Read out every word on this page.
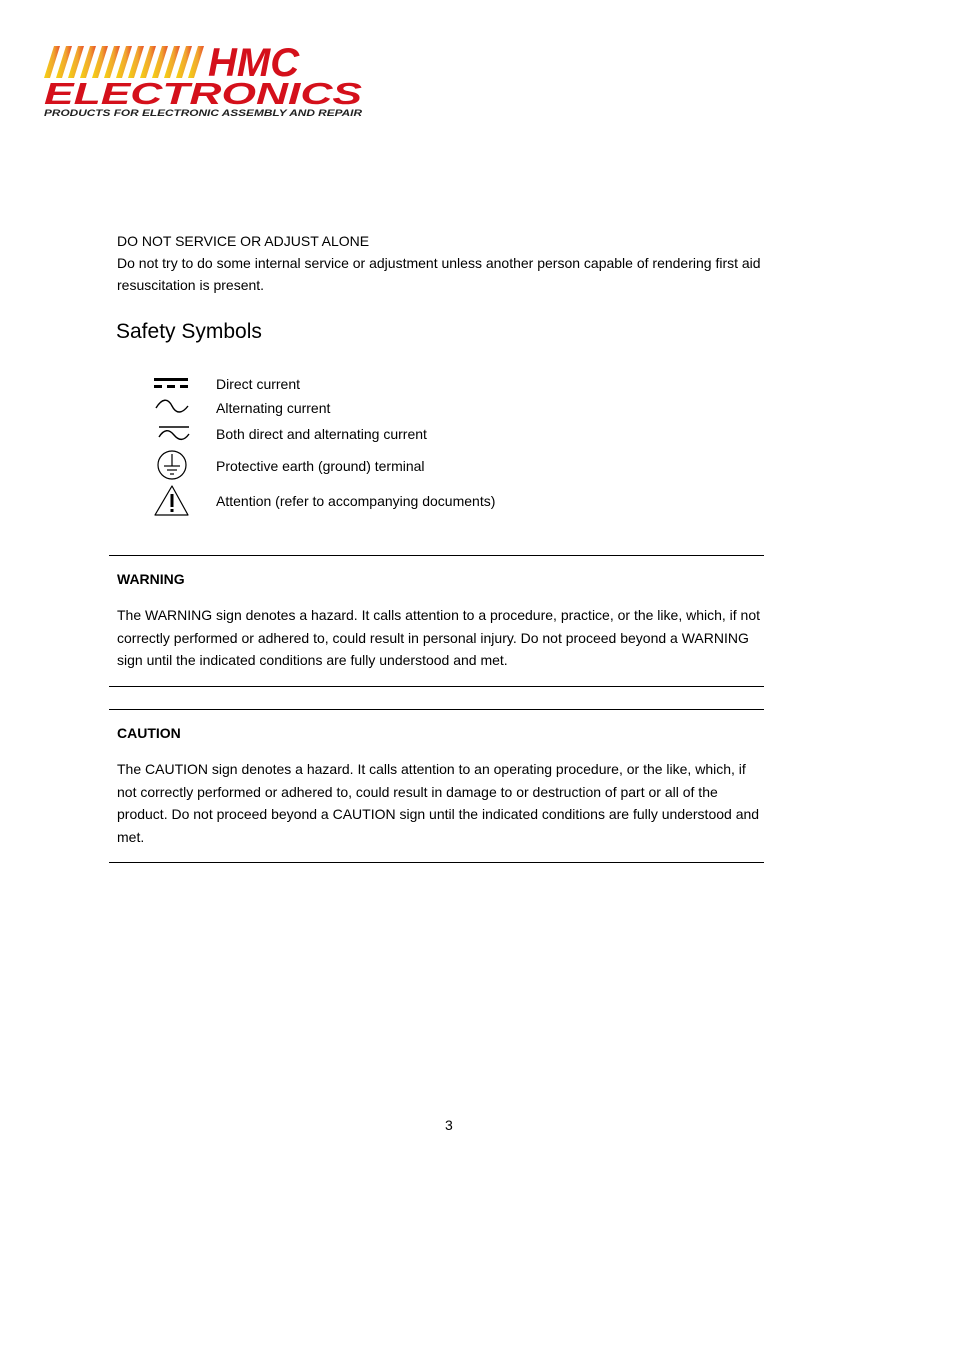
HMC
ELECTRONICS
PRODUCTS FOR ELECTRONIC ASSEMBLY AND REPAIR
DO NOT SERVICE OR ADJUST ALONE
Do not try to do some internal service or adjustment unless another person capable of rendering first aid resuscitation is present.
Safety Symbols
Direct current
Alternating current
Both direct and alternating current
Protective earth (ground) terminal
Attention (refer to accompanying documents)
WARNING
The WARNING sign denotes a hazard. It calls attention to a procedure, practice, or the like, which, if not correctly performed or adhered to, could result in personal injury. Do not proceed beyond a WARNING sign until the indicated conditions are fully understood and met.
CAUTION
The CAUTION sign denotes a hazard. It calls attention to an operating procedure, or the like, which, if not correctly performed or adhered to, could result in damage to or destruction of part or all of the product. Do not proceed beyond a CAUTION sign until the indicated conditions are fully understood and met.
3
